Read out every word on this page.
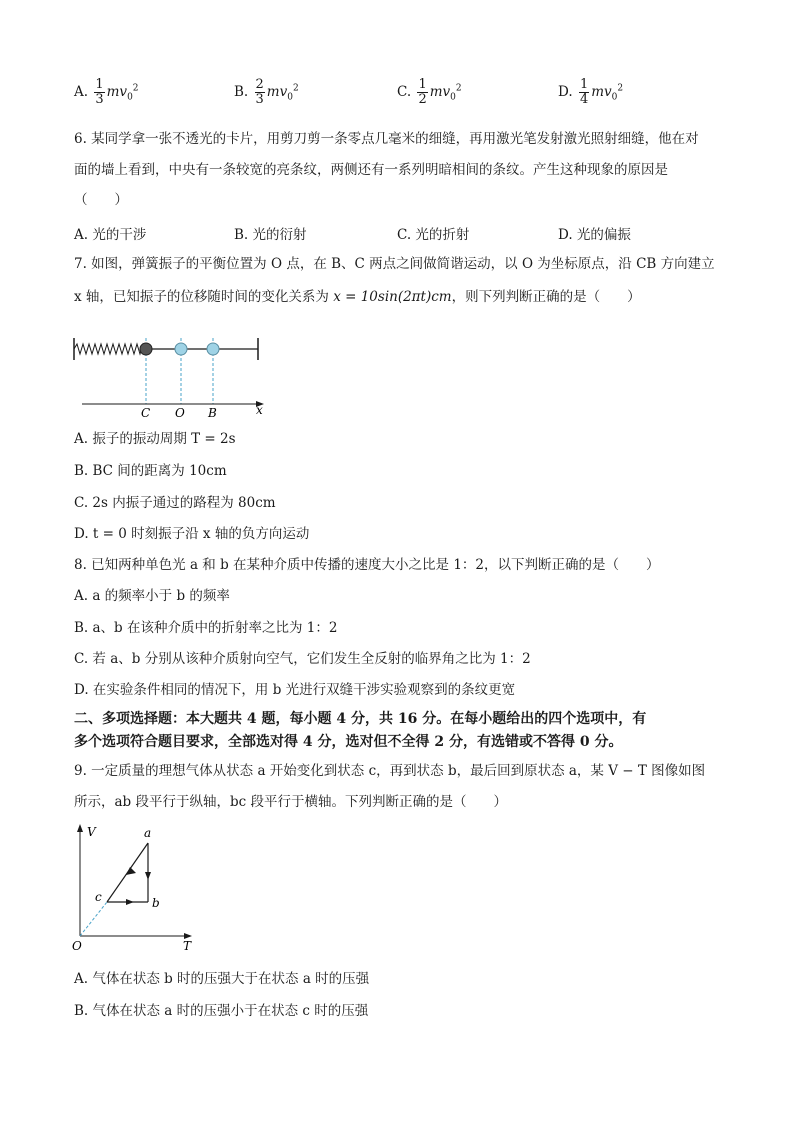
A. $\frac{1}{3} mv_0^2$	B. $\frac{2}{3} mv_0^2$	C. $\frac{1}{2} mv_0^2$	D. $\frac{1}{4} mv_0^2$
6. 某同学拿一张不透光的卡片，用剪刀剪一条零点几毫米的细缝，再用激光笔发射激光照射细缝，他在对
面的墙上看到，中央有一条较宽的亮条纹，两侧还有一系列明暗相间的条纹。产生这种现象的原因是
（　　）
A. 光的干涉	B. 光的衍射	C. 光的折射	D. 光的偏振
7. 如图，弹簧振子的平衡位置为 O 点，在 B、C 两点之间做简谐运动，以 O 为坐标原点，沿 CB 方向建立
x 轴，已知振子的位移随时间的变化关系为 x = 10sin(2πt)cm，则下列判断正确的是（　　）
C O B	x
A. 振子的振动周期 T = 2s
B. BC 间的距离为 10cm
C. 2s 内振子通过的路程为 80cm
D. t = 0 时刻振子沿 x 轴的负方向运动
8. 已知两种单色光 a 和 b 在某种介质中传播的速度大小之比是 1：2，以下判断正确的是（　　）
A. a 的频率小于 b 的频率
B. a、b 在该种介质中的折射率之比为 1：2
C. 若 a、b 分别从该种介质射向空气，它们发生全反射的临界角之比为 1：2
D. 在实验条件相同的情况下，用 b 光进行双缝干涉实验观察到的条纹更宽
二、多项选择题：本大题共 4 题，每小题 4 分，共 16 分。在每小题给出的四个选项中，有
多个选项符合题目要求，全部选对得 4 分，选对但不全得 2 分，有选错或不答得 0 分。
9. 一定质量的理想气体从状态 a 开始变化到状态 c，再到状态 b，最后回到原状态 a，某 V − T 图像如图
所示，ab 段平行于纵轴，bc 段平行于横轴。下列判断正确的是（　　）
V	a
c	b
O	T
A. 气体在状态 b 时的压强大于在状态 a 时的压强
B. 气体在状态 a 时的压强小于在状态 c 时的压强
